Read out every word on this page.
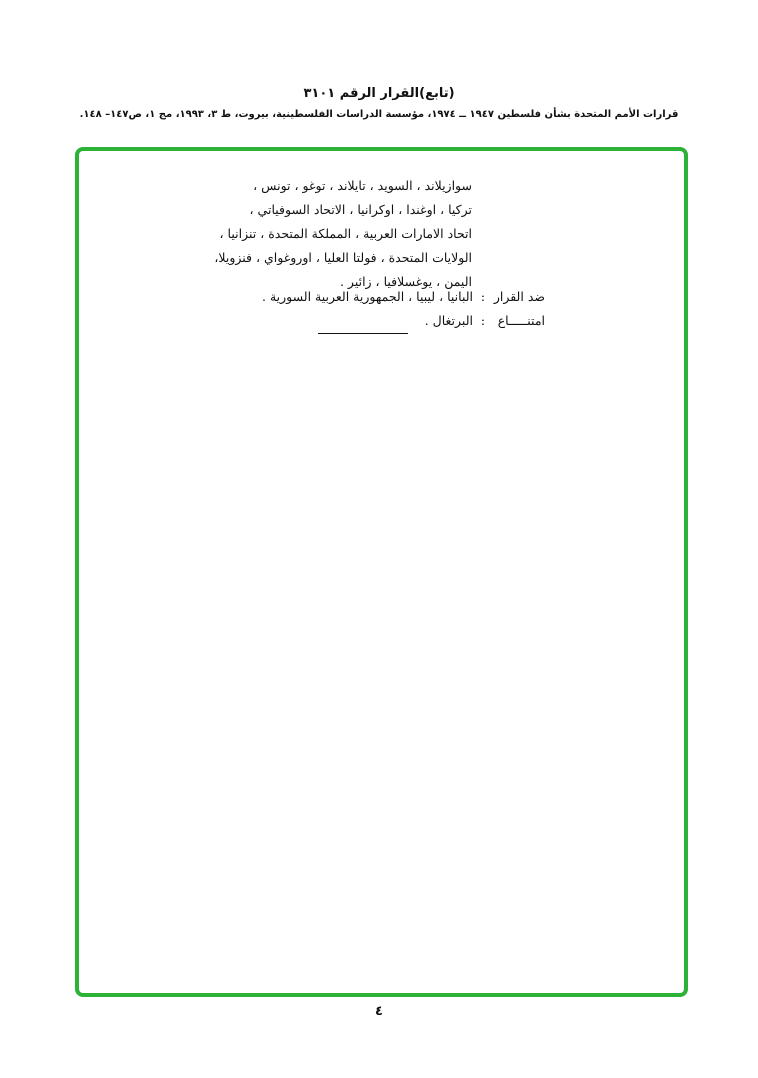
(تابع)القرار الرقم ٣١٠١
قرارات الأمم المتحدة بشأن فلسطين ١٩٤٧ ــ ١٩٧٤، مؤسسة الدراسات الفلسطينية، بيروت، ط ٣، ١٩٩٣، مج ١، ص١٤٧– ١٤٨.
سوازيلاند ، السويد ، تايلاند ، توغو ، تونس ،
تركيا ، اوغندا ، اوكرانيا ، الاتحاد السوفياتي ،
اتحاد الامارات العربية ، المملكة المتحدة ، تنزانيا ،
الولايات المتحدة ، فولتا العليا ، اوروغواي ، فنزويلا،
اليمن ، يوغسلافيا ، زائير .
ضد القرار:البانيا ، ليبيا ، الجمهورية العربية السورية .
امتنـــــاع:البرتغال .
٤
